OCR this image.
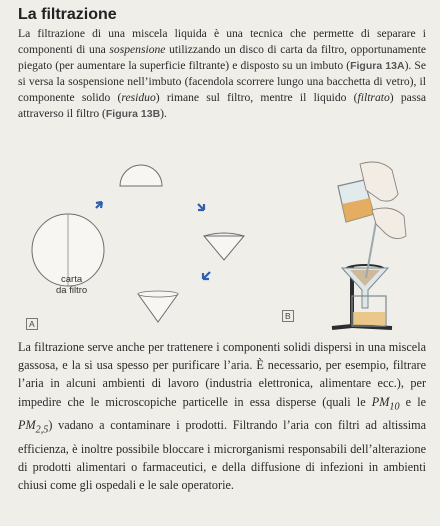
La filtrazione
La filtrazione di una miscela liquida è una tecnica che permette di separare i componenti di una sospensione utilizzando un disco di carta da filtro, opportunamente piegato (per aumentare la superficie filtrante) e disposto su un imbuto (Figura 13A). Se si versa la sospensione nell’imbuto (facendola scorrere lungo una bacchetta di vetro), il componente solido (residuo) rimane sul filtro, mentre il liquido (filtrato) passa attraverso il filtro (Figura 13B).
carta
da filtro
A
B
La filtrazione serve anche per trattenere i componenti solidi dispersi in una miscela gassosa, e la si usa spesso per purificare l’aria. È necessario, per esempio, filtrare l’aria in alcuni ambienti di lavoro (industria elettronica, alimentare ecc.), per impedire che le microscopiche particelle in essa disperse (quali le $PM_{10}$ e le $PM_{2,5}$) vadano a contaminare i prodotti. Filtrando l’aria con filtri ad altissima efficienza, è inoltre possibile bloccare i microrganismi responsabili dell’alterazione di prodotti alimentari o farmaceutici, e della diffusione di infezioni in ambienti chiusi come gli ospedali e le sale operatorie.
